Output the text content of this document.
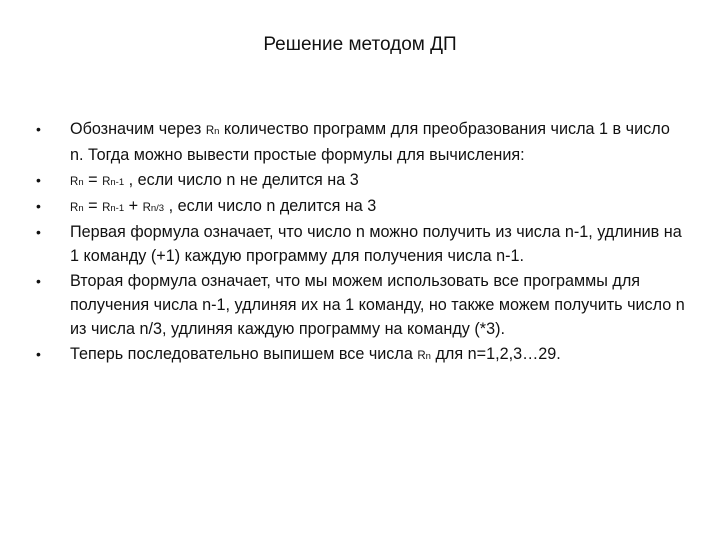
Решение методом ДП
•	Обозначим через Rn количество программ для преобразования числа 1 в число n. Тогда можно вывести простые формулы для вычисления:
•	Rn = Rn-1 , если число n не делится на 3
•	Rn = Rn-1 + Rn/3 , если число n делится на 3
•	Первая формула означает, что число n можно получить из числа n-1, удлинив на 1 команду (+1) каждую программу для получения числа n-1.
•	Вторая формула означает, что мы можем использовать все программы для получения числа n-1, удлиняя их на 1 команду, но также можем получить число n из числа n/3, удлиняя каждую программу на команду (*3).
•	Теперь последовательно выпишем все числа Rn для n=1,2,3…29.
